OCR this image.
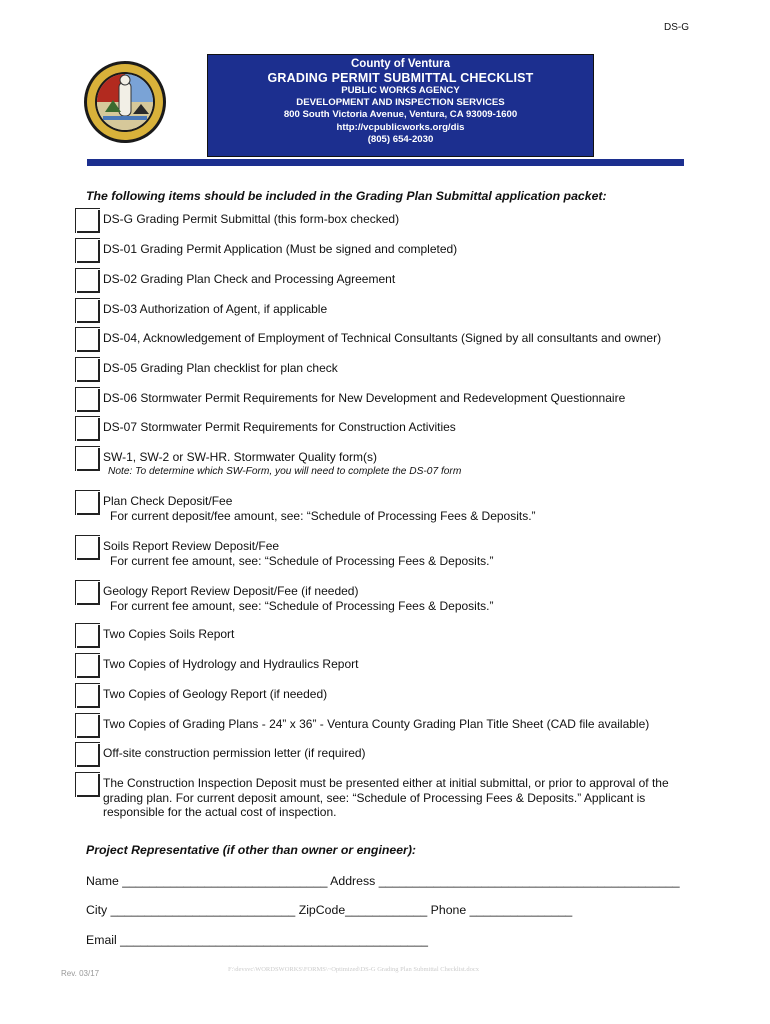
DS-G
County of Ventura
GRADING PERMIT SUBMITTAL CHECKLIST
PUBLIC WORKS AGENCY
DEVELOPMENT AND INSPECTION SERVICES
800 South Victoria Avenue, Ventura, CA 93009-1600
http://vcpublicworks.org/dis
(805) 654-2030
The following items should be included in the Grading Plan Submittal application packet:
DS-G Grading Permit Submittal (this form-box checked)
DS-01 Grading Permit Application (Must be signed and completed)
DS-02 Grading Plan Check and Processing Agreement
DS-03 Authorization of Agent, if applicable
DS-04, Acknowledgement of Employment of Technical Consultants (Signed by all consultants and owner)
DS-05 Grading Plan checklist for plan check
DS-06 Stormwater Permit Requirements for New Development and Redevelopment Questionnaire
DS-07 Stormwater Permit Requirements for Construction Activities
SW-1, SW-2 or SW-HR. Stormwater Quality form(s)
Note: To determine which SW-Form, you will need to complete the DS-07 form
Plan Check Deposit/Fee
For current deposit/fee amount, see: “Schedule of Processing Fees & Deposits.”
Soils Report Review Deposit/Fee
For current fee amount, see: “Schedule of Processing Fees & Deposits.”
Geology Report Review Deposit/Fee (if needed)
For current fee amount, see: “Schedule of Processing Fees & Deposits.”
Two Copies Soils Report
Two Copies of Hydrology and Hydraulics Report
Two Copies of Geology Report (if needed)
Two Copies of Grading Plans - 24” x 36” - Ventura County Grading Plan Title Sheet (CAD file available)
Off-site construction permission letter (if required)
The Construction Inspection Deposit must be presented either at initial submittal, or prior to approval of the grading plan. For current deposit amount, see: “Schedule of Processing Fees & Deposits.” Applicant is responsible for the actual cost of inspection.
Project Representative (if other than owner or engineer):
Name ______________________________ Address ____________________________________________
City ___________________________ ZipCode____________ Phone _______________
Email _____________________________________________
Rev. 03/17	F:\devsvc\WORDSWORKS\FORMS\~Optimized\DS-G Grading Plan Submittal Checklist.docx
